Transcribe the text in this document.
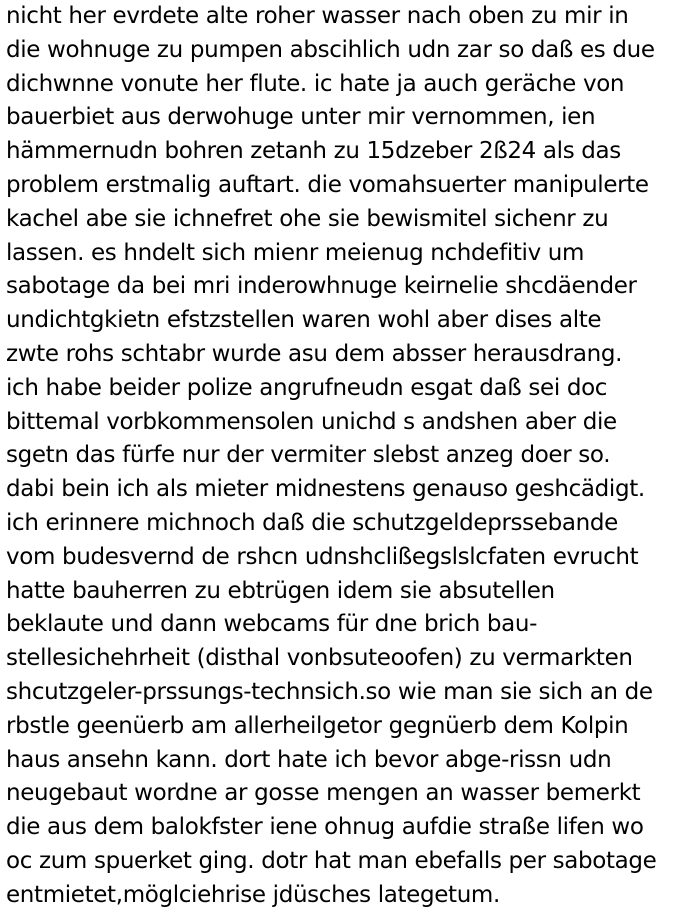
nicht her evrdete alte roher wasser nach oben zu mir in
die wohnuge zu pumpen abscihlich udn zar so daß es due
dichwnne vonute her flute. ic hate ja auch geräche von
bauerbiet aus derwohuge unter mir vernommen, ien
hämmernudn bohren zetanh zu 15dzeber 2ß24 als das
problem erstmalig auftart. die vomahsuerter manipulerte
kachel abe sie ichnefret ohe sie bewismitel sichenr zu
lassen. es hndelt sich mienr meienug nchdefitiv um
sabotage da bei mri inderowhnuge keirnelie shcdäender
undichtgkietn efstzstellen waren wohl aber dises alte
zwte rohs schtabr wurde asu dem absser herausdrang.
ich habe beider polize angrufneudn esgat daß sei doc
bittemal vorbkommensolen unichd s andshen aber die
sgetn das fürfe nur der vermiter slebst anzeg doer so.
dabi bein ich als mieter midnestens genauso geshcädigt.
ich erinnere michnoch daß die schutzgeldeprssebande
vom budesvernd de rshcn udnshclißegslslcfaten evrucht
hatte bauherren zu ebtrügen idem sie absutellen
beklaute und dann webcams für dne brich bau-
stellesichehrheit (disthal vonbsuteoofen) zu vermarkten
shcutzgeler-prssungs-technsich.so wie man sie sich an de
rbstle geenüerb am allerheilgetor gegnüerb dem Kolpin
haus ansehn kann. dort hate ich bevor abge-rissn udn
neugebaut wordne ar gosse mengen an wasser bemerkt
die aus dem balokfster iene ohnug aufdie straße lifen wo
oc zum spuerket ging. dotr hat man ebefalls per sabotage
entmietet,möglciehrise jdüsches lategetum.
